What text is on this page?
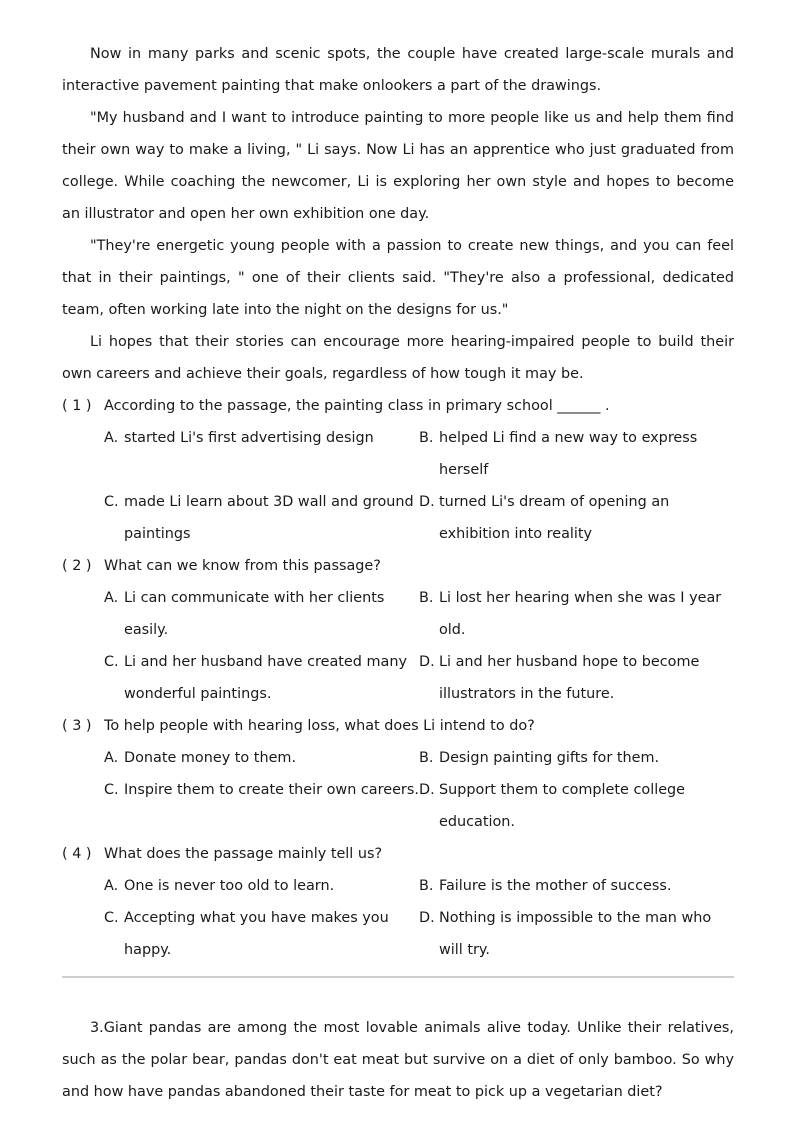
Now in many parks and scenic spots, the couple have created large-scale murals and interactive pavement painting that make onlookers a part of the drawings.

"My husband and I want to introduce painting to more people like us and help them find their own way to make a living, " Li says. Now Li has an apprentice who just graduated from college. While coaching the newcomer, Li is exploring her own style and hopes to become an illustrator and open her own exhibition one day.

"They're energetic young people with a passion to create new things, and you can feel that in their paintings, " one of their clients said. "They're also a professional, dedicated team, often working late into the night on the designs for us."

Li hopes that their stories can encourage more hearing-impaired people to build their own careers and achieve their goals, regardless of how tough it may be.

( 1 ) According to the passage, the painting class in primary school ______ .

A. started Li's first advertising design	B. helped Li find a new way to express herself
C. made Li learn about 3D wall and ground paintings
D. turned Li's dream of opening an exhibition into reality

( 2 ) What can we know from this passage?

A. Li can communicate with her clients easily.
B. Li lost her hearing when she was I year old.
C. Li and her husband have created many wonderful paintings.
D. Li and her husband hope to become illustrators in the future.

( 3 ) To help people with hearing loss, what does Li intend to do?

A. Donate money to them.	B. Design painting gifts for them.
C. Inspire them to create their own careers. D. Support them to complete college education.

( 4 ) What does the passage mainly tell us?

A. One is never too old to learn.	B. Failure is the mother of success.
C. Accepting what you have makes you happy.
D. Nothing is impossible to the man who will try.

3.Giant pandas are among the most lovable animals alive today. Unlike their relatives, such as the polar bear, pandas don't eat meat but survive on a diet of only bamboo. So why and how have pandas abandoned their taste for meat to pick up a vegetarian diet?
